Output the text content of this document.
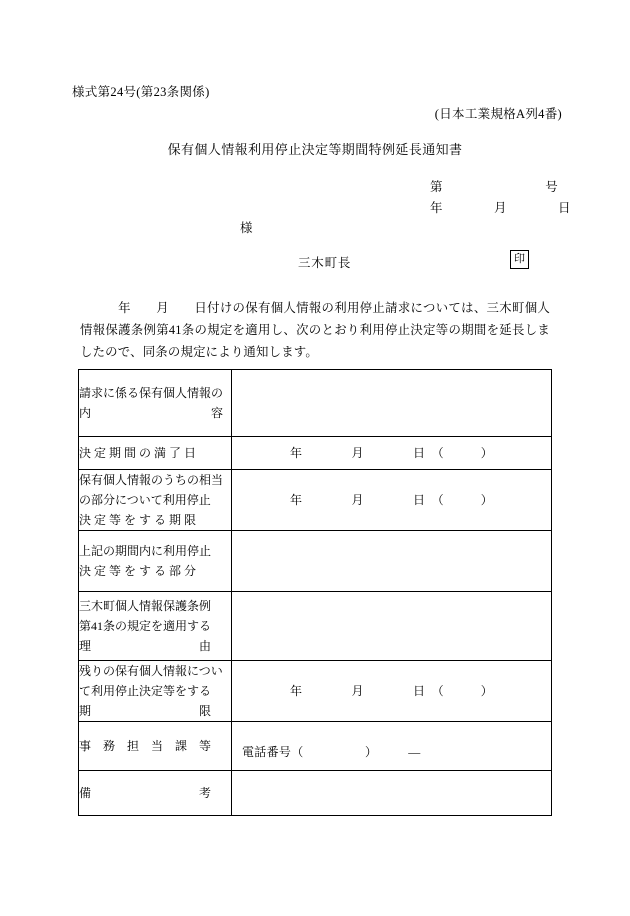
様式第24号(第23条関係)
(日本工業規格A列4番)
保有個人情報利用停止決定等期間特例延長通知書
第　　　　　　　　号
年　　　　月　　　　日
様
三木町長	印
　　　年　　月　　日付けの保有個人情報の利用停止請求については、三木町個人情報保護条例第41条の規定を適用し、次のとおり利用停止決定等の期間を延長しましたので、同条の規定により通知します。
請求に係る保有個人情報の
内　　　　　　　　　　容	

決 定 期 間 の 満 了 日	年　　　　月　　　　日　（　　　）

保有個人情報のうちの相当
の部分について利用停止
決 定 等 を す る 期 限	年　　　　月　　　　日　（　　　）

上記の期間内に利用停止
決 定 等 を す る 部 分	

三木町個人情報保護条例
第41条の規定を適用する
理　　　　　　　　　由	

残りの保有個人情報につい
て利用停止決定等をする
期　　　　　　　　　限	年　　　　月　　　　日　（　　　）

事　務　担　当　課　等	電話番号（　　　　　）　　　―

備　　　　　　　　　考	
